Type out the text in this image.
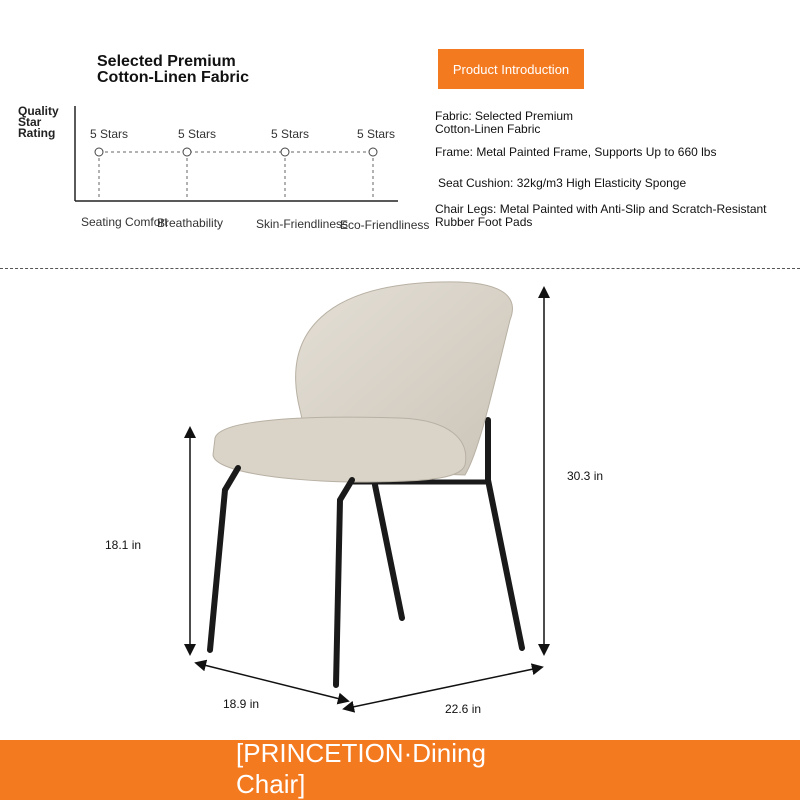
Selected Premium
Cotton-Linen Fabric	Product Introduction
Quality
Star
Rating	5 Stars	5 Stars	5 Stars	5 Stars
Seating Comfort
Breathability	Skin-Friendliness
Eco-Friendliness
Fabric: Selected Premium
Cotton-Linen Fabric
Frame: Metal Painted Frame, Supports Up to 660 lbs
Seat Cushion: 32kg/m3 High Elasticity Sponge
Chair Legs: Metal Painted with Anti-Slip and Scratch-Resistant
Rubber Foot Pads
18.1 in
30.3 in
18.9 in	22.6 in
[PRINCETION·Dining
Chair]
